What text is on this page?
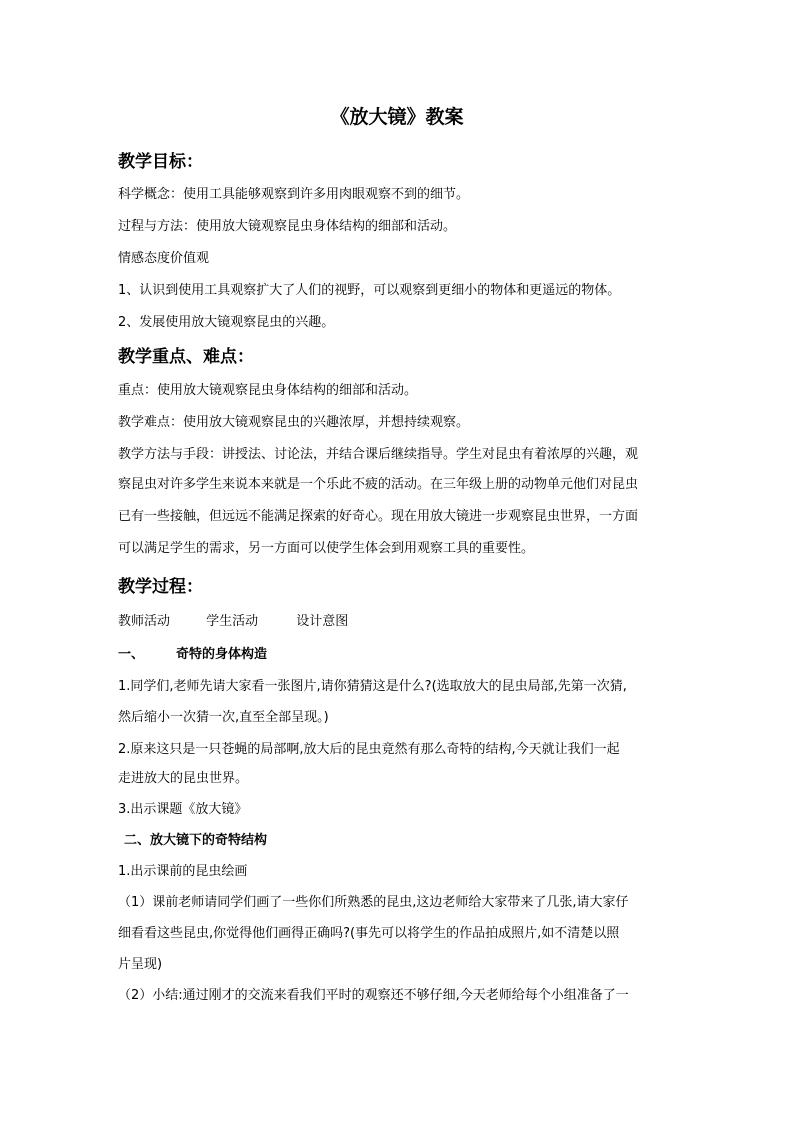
《放大镜》教案
教学目标：
科学概念：使用工具能够观察到许多用肉眼观察不到的细节。
过程与方法：使用放大镜观察昆虫身体结构的细部和活动。
情感态度价值观
1、认识到使用工具观察扩大了人们的视野，可以观察到更细小的物体和更遥远的物体。
2、发展使用放大镜观察昆虫的兴趣。
教学重点、难点：
重点：使用放大镜观察昆虫身体结构的细部和活动。
教学难点：使用放大镜观察昆虫的兴趣浓厚，并想持续观察。
教学方法与手段：讲授法、讨论法，并结合课后继续指导。学生对昆虫有着浓厚的兴趣，观
察昆虫对许多学生来说本来就是一个乐此不疲的活动。在三年级上册的动物单元他们对昆虫
已有一些接触，但远远不能满足探索的好奇心。现在用放大镜进一步观察昆虫世界，一方面
可以满足学生的需求，另一方面可以使学生体会到用观察工具的重要性。
教学过程：
教师活动	学生活动	设计意图
一、 奇特的身体构造
1.同学们,老师先请大家看一张图片,请你猜猜这是什么?(选取放大的昆虫局部,先第一次猜,
然后缩小一次猜一次,直至全部呈现。)
2.原来这只是一只苍蝇的局部啊,放大后的昆虫竟然有那么奇特的结构,今天就让我们一起
走进放大的昆虫世界。
3.出示课题《放大镜》
二、放大镜下的奇特结构
1.出示课前的昆虫绘画
（1）课前老师请同学们画了一些你们所熟悉的昆虫,这边老师给大家带来了几张,请大家仔
细看看这些昆虫,你觉得他们画得正确吗?(事先可以将学生的作品拍成照片,如不清楚以照
片呈现)
（2）小结:通过刚才的交流来看我们平时的观察还不够仔细,今天老师给每个小组准备了一
